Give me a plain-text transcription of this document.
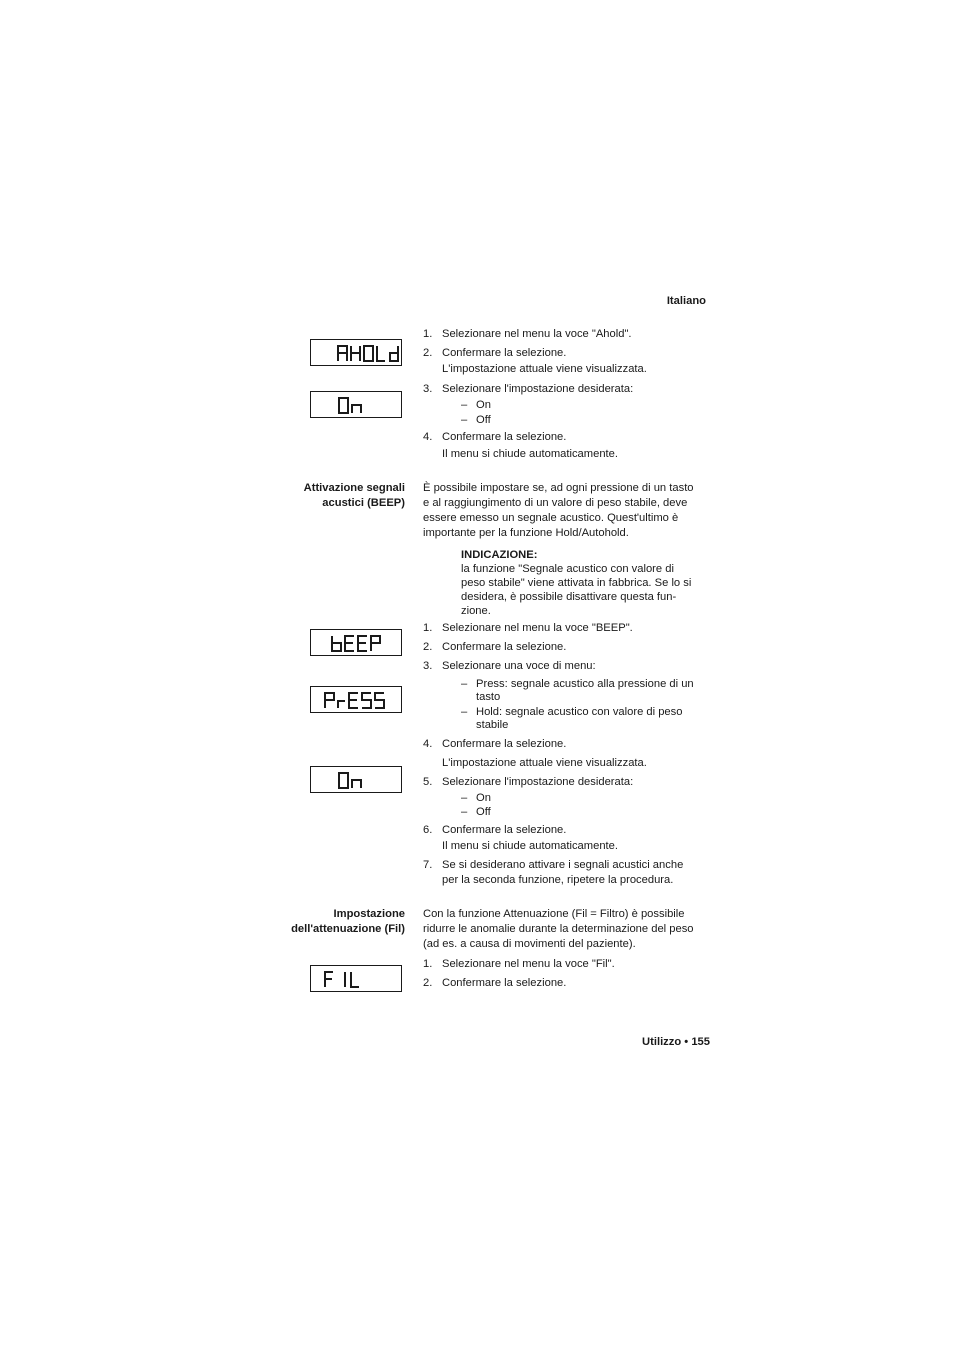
Italiano
Utilizzo • 155
1. Selezionare nel menu la voce "Ahold".
2. Confermare la selezione.
L'impostazione attuale viene visualizzata.
3. Selezionare l'impostazione desiderata:
– On
– Off
4. Confermare la selezione.
Il menu si chiude automaticamente.
Attivazione segnali
acustici (BEEP)
È possibile impostare se, ad ogni pressione di un tasto
e al raggiungimento di un valore di peso stabile, deve
essere emesso un segnale acustico. Quest'ultimo è
importante per la funzione Hold/Autohold.
INDICAZIONE:
la funzione "Segnale acustico con valore di
peso stabile" viene attivata in fabbrica. Se lo si
desidera, è possibile disattivare questa fun-
zione.
1. Selezionare nel menu la voce "BEEP".
2. Confermare la selezione.
3. Selezionare una voce di menu:
– Press: segnale acustico alla pressione di un
tasto
– Hold: segnale acustico con valore di peso
stabile
4. Confermare la selezione.
L'impostazione attuale viene visualizzata.
5. Selezionare l'impostazione desiderata:
– On
– Off
6. Confermare la selezione.
Il menu si chiude automaticamente.
7. Se si desiderano attivare i segnali acustici anche
per la seconda funzione, ripetere la procedura.
Impostazione
dell'attenuazione (Fil)
Con la funzione Attenuazione (Fil = Filtro) è possibile
ridurre le anomalie durante la determinazione del peso
(ad es. a causa di movimenti del paziente).
1. Selezionare nel menu la voce "Fil".
2. Confermare la selezione.
